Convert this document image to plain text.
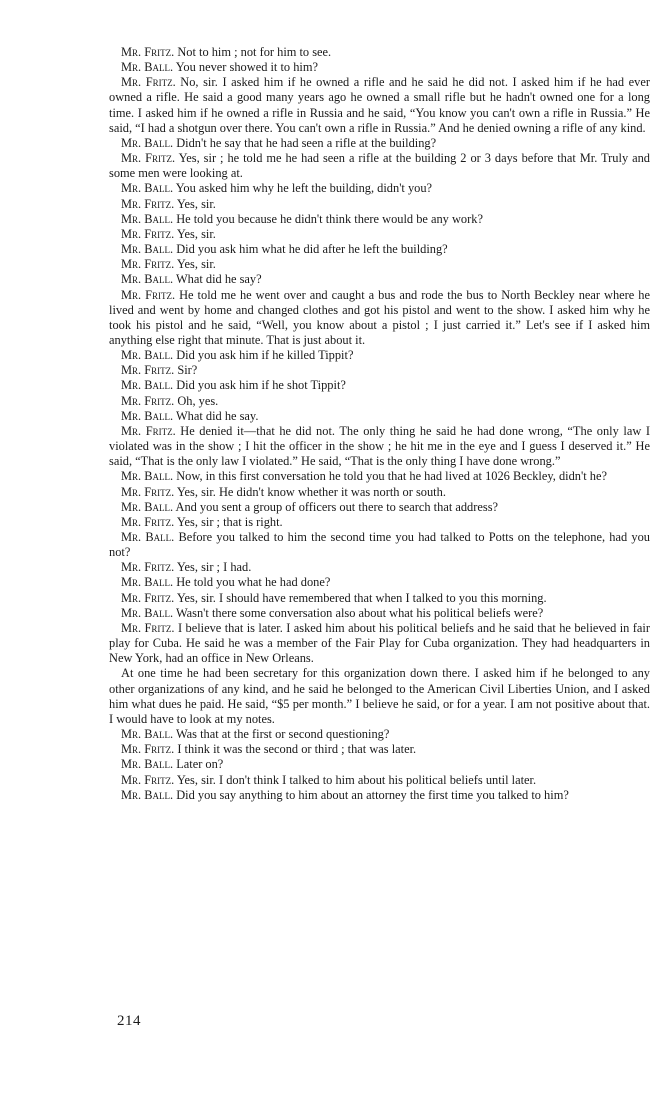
Mr. Fritz. Not to him ; not for him to see.

Mr. Ball. You never showed it to him?

Mr. Fritz. No, sir. I asked him if he owned a rifle and he said he did not. I asked him if he had ever owned a rifle. He said a good many years ago he owned a small rifle but he hadn't owned one for a long time. I asked him if he owned a rifle in Russia and he said, “You know you can't own a rifle in Russia.” He said, “I had a shotgun over there. You can't own a rifle in Russia.” And he denied owning a rifle of any kind.

Mr. Ball. Didn't he say that he had seen a rifle at the building?

Mr. Fritz. Yes, sir ; he told me he had seen a rifle at the building 2 or 3 days before that Mr. Truly and some men were looking at.

Mr. Ball. You asked him why he left the building, didn't you?

Mr. Fritz. Yes, sir.

Mr. Ball. He told you because he didn't think there would be any work?

Mr. Fritz. Yes, sir.

Mr. Ball. Did you ask him what he did after he left the building?

Mr. Fritz. Yes, sir.

Mr. Ball. What did he say?

Mr. Fritz. He told me he went over and caught a bus and rode the bus to North Beckley near where he lived and went by home and changed clothes and got his pistol and went to the show. I asked him why he took his pistol and he said, “Well, you know about a pistol ; I just carried it.” Let's see if I asked him anything else right that minute. That is just about it.

Mr. Ball. Did you ask him if he killed Tippit?

Mr. Fritz. Sir?

Mr. Ball. Did you ask him if he shot Tippit?

Mr. Fritz. Oh, yes.

Mr. Ball. What did he say.

Mr. Fritz. He denied it—that he did not. The only thing he said he had done wrong, “The only law I violated was in the show ; I hit the officer in the show ; he hit me in the eye and I guess I deserved it.” He said, “That is the only law I violated.” He said, “That is the only thing I have done wrong.”

Mr. Ball. Now, in this first conversation he told you that he had lived at 1026 Beckley, didn't he?

Mr. Fritz. Yes, sir. He didn't know whether it was north or south.

Mr. Ball. And you sent a group of officers out there to search that address?

Mr. Fritz. Yes, sir ; that is right.

Mr. Ball. Before you talked to him the second time you had talked to Potts on the telephone, had you not?

Mr. Fritz. Yes, sir ; I had.

Mr. Ball. He told you what he had done?

Mr. Fritz. Yes, sir. I should have remembered that when I talked to you this morning.

Mr. Ball. Wasn't there some conversation also about what his political beliefs were?

Mr. Fritz. I believe that is later. I asked him about his political beliefs and he said that he believed in fair play for Cuba. He said he was a member of the Fair Play for Cuba organization. They had headquarters in New York, had an office in New Orleans.

At one time he had been secretary for this organization down there. I asked him if he belonged to any other organizations of any kind, and he said he belonged to the American Civil Liberties Union, and I asked him what dues he paid. He said, “$5 per month.” I believe he said, or for a year. I am not positive about that. I would have to look at my notes.

Mr. Ball. Was that at the first or second questioning?

Mr. Fritz. I think it was the second or third ; that was later.

Mr. Ball. Later on?

Mr. Fritz. Yes, sir. I don't think I talked to him about his political beliefs until later.

Mr. Ball. Did you say anything to him about an attorney the first time you talked to him?

214
